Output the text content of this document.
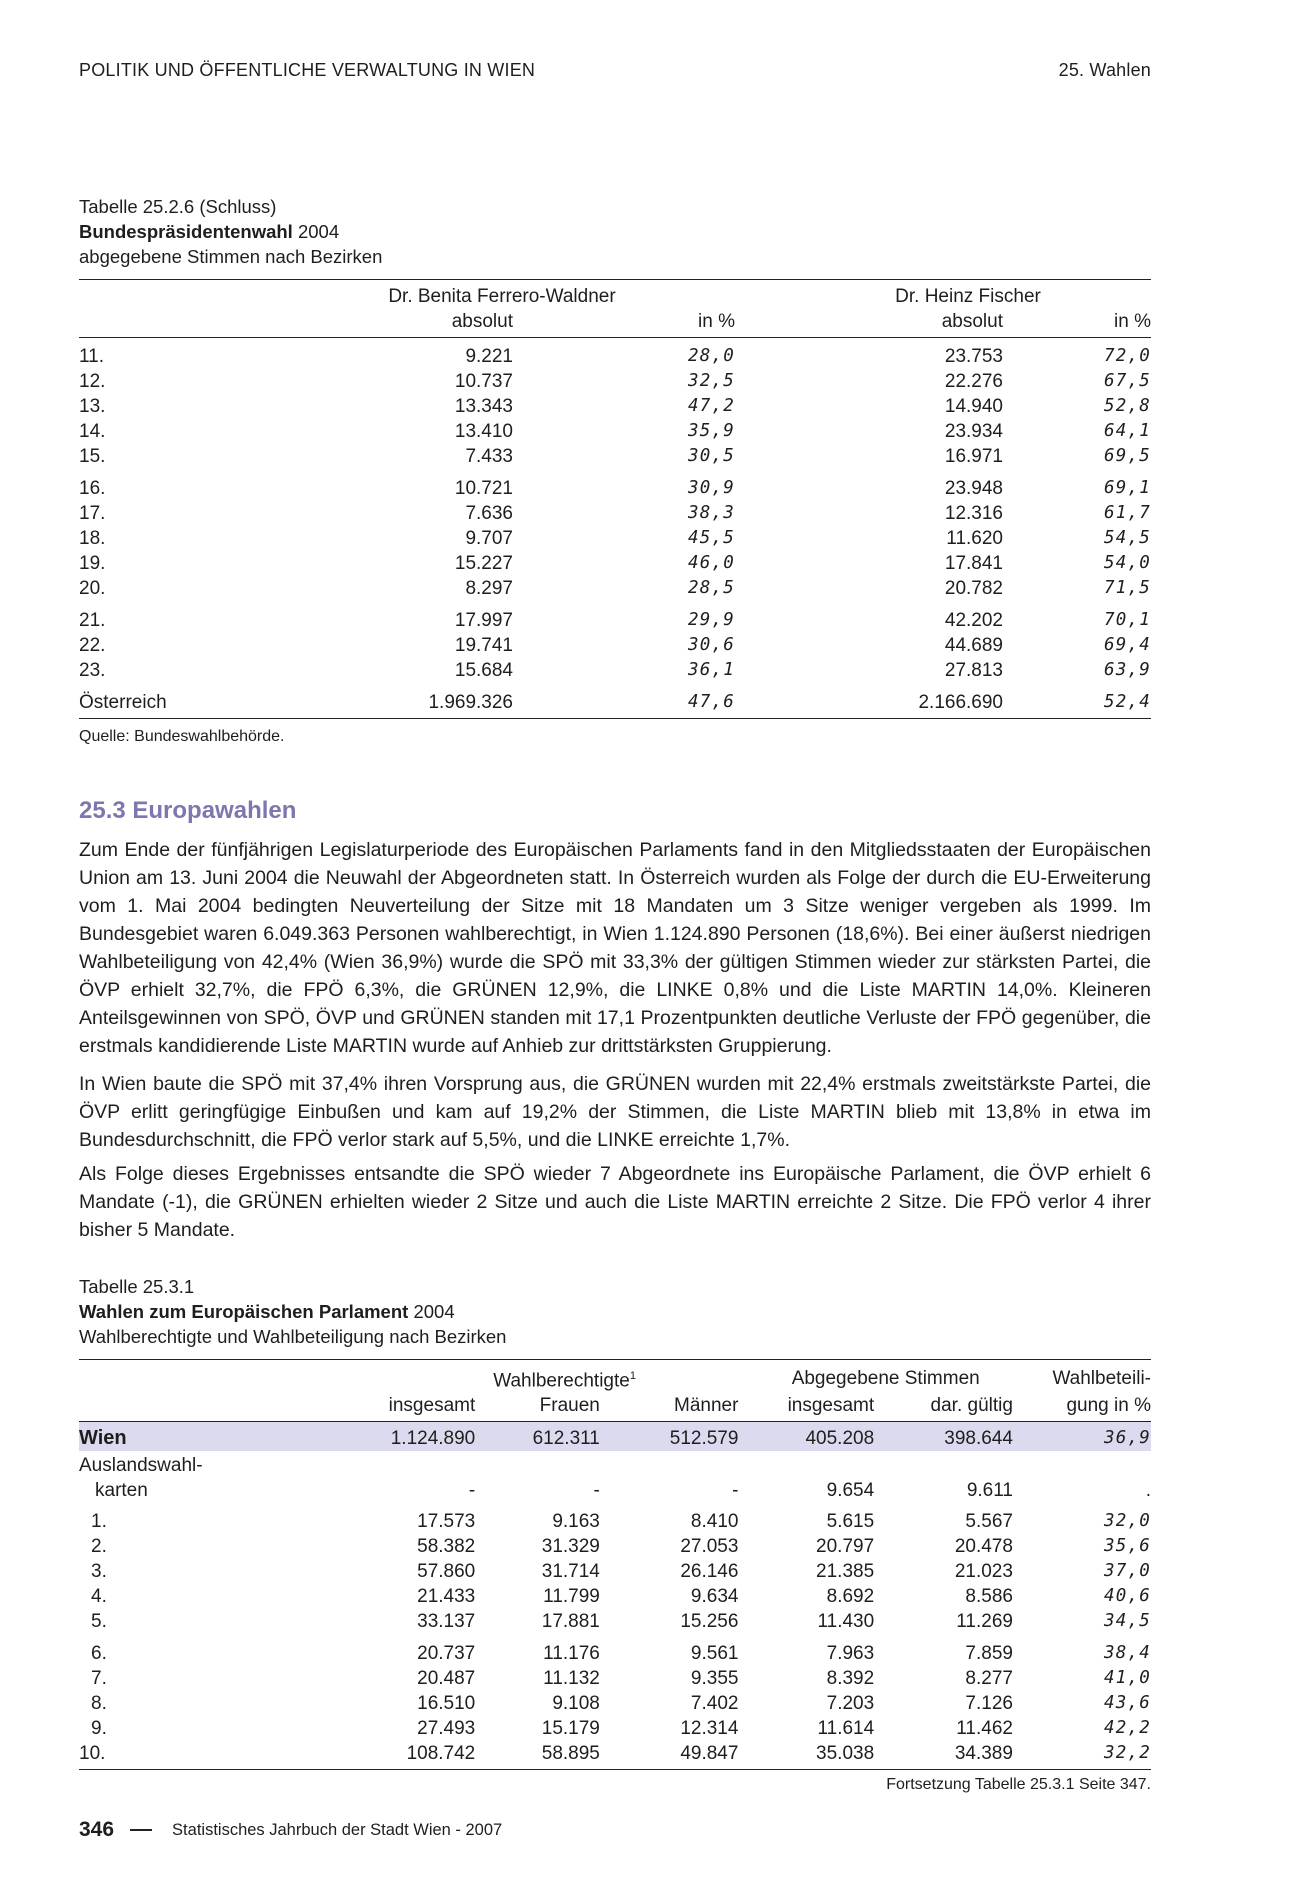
POLITIK UND ÖFFENTLICHE VERWALTUNG IN WIEN	25. Wahlen
Tabelle 25.2.6 (Schluss)
Bundespräsidentenwahl 2004
abgegebene Stimmen nach Bezirken
	Dr. Benita Ferrero-Waldner		Dr. Heinz Fischer	
	absolut	in %	absolut	in %
11.	9.221	28,0	23.753	72,0
12.	10.737	32,5	22.276	67,5
13.	13.343	47,2	14.940	52,8
14.	13.410	35,9	23.934	64,1
15.	7.433	30,5	16.971	69,5
16.	10.721	30,9	23.948	69,1
17.	7.636	38,3	12.316	61,7
18.	9.707	45,5	11.620	54,5
19.	15.227	46,0	17.841	54,0
20.	8.297	28,5	20.782	71,5
21.	17.997	29,9	42.202	70,1
22.	19.741	30,6	44.689	69,4
23.	15.684	36,1	27.813	63,9
Österreich	1.969.326	47,6	2.166.690	52,4
Quelle: Bundeswahlbehörde.
25.3 Europawahlen

Zum Ende der fünfjährigen Legislaturperiode des Europäischen Parlaments fand in den Mitgliedsstaaten der Europäischen Union am 13. Juni 2004 die Neuwahl der Abgeordneten statt. In Österreich wurden als Folge der durch die EU-Erweiterung vom 1. Mai 2004 bedingten Neuverteilung der Sitze mit 18 Mandaten um 3 Sitze weniger vergeben als 1999. Im Bundesgebiet waren 6.049.363 Personen wahlberechtigt, in Wien 1.124.890 Personen (18,6%). Bei einer äußerst niedrigen Wahlbeteiligung von 42,4% (Wien 36,9%) wurde die SPÖ mit 33,3% der gültigen Stimmen wieder zur stärksten Partei, die ÖVP erhielt 32,7%, die FPÖ 6,3%, die GRÜNEN 12,9%, die LINKE 0,8% und die Liste MARTIN 14,0%. Kleineren Anteilsgewinnen von SPÖ, ÖVP und GRÜNEN standen mit 17,1 Prozentpunkten deutliche Verluste der FPÖ gegenüber, die erstmals kandidierende Liste MARTIN wurde auf Anhieb zur drittstärksten Gruppierung.

In Wien baute die SPÖ mit 37,4% ihren Vorsprung aus, die GRÜNEN wurden mit 22,4% erstmals zweitstärkste Partei, die ÖVP erlitt geringfügige Einbußen und kam auf 19,2% der Stimmen, die Liste MARTIN blieb mit 13,8% in etwa im Bundesdurchschnitt, die FPÖ verlor stark auf 5,5%, und die LINKE erreichte 1,7%.

Als Folge dieses Ergebnisses entsandte die SPÖ wieder 7 Abgeordnete ins Europäische Parlament, die ÖVP erhielt 6 Mandate (-1), die GRÜNEN erhielten wieder 2 Sitze und auch die Liste MARTIN erreichte 2 Sitze. Die FPÖ verlor 4 ihrer bisher 5 Mandate.

Tabelle 25.3.1
Wahlen zum Europäischen Parlament 2004
Wahlberechtigte und Wahlbeteiligung nach Bezirken
		Wahlberechtigte$^1$		Abgegebene Stimmen		Wahlbeteili-
	insgesamt	Frauen	Männer	insgesamt	dar. gültig	gung in %
Wien	1.124.890	612.311	512.579	405.208	398.644	36,9
Auslandswahl-						
karten	-	-	-	9.654	9.611	.
1.	17.573	9.163	8.410	5.615	5.567	32,0
2.	58.382	31.329	27.053	20.797	20.478	35,6
3.	57.860	31.714	26.146	21.385	21.023	37,0
4.	21.433	11.799	9.634	8.692	8.586	40,6
5.	33.137	17.881	15.256	11.430	11.269	34,5
6.	20.737	11.176	9.561	7.963	7.859	38,4
7.	20.487	11.132	9.355	8.392	8.277	41,0
8.	16.510	9.108	7.402	7.203	7.126	43,6
9.	27.493	15.179	12.314	11.614	11.462	42,2
10.	108.742	58.895	49.847	35.038	34.389	32,2
Fortsetzung Tabelle 25.3.1 Seite 347.
346	Statistisches Jahrbuch der Stadt Wien - 2007
